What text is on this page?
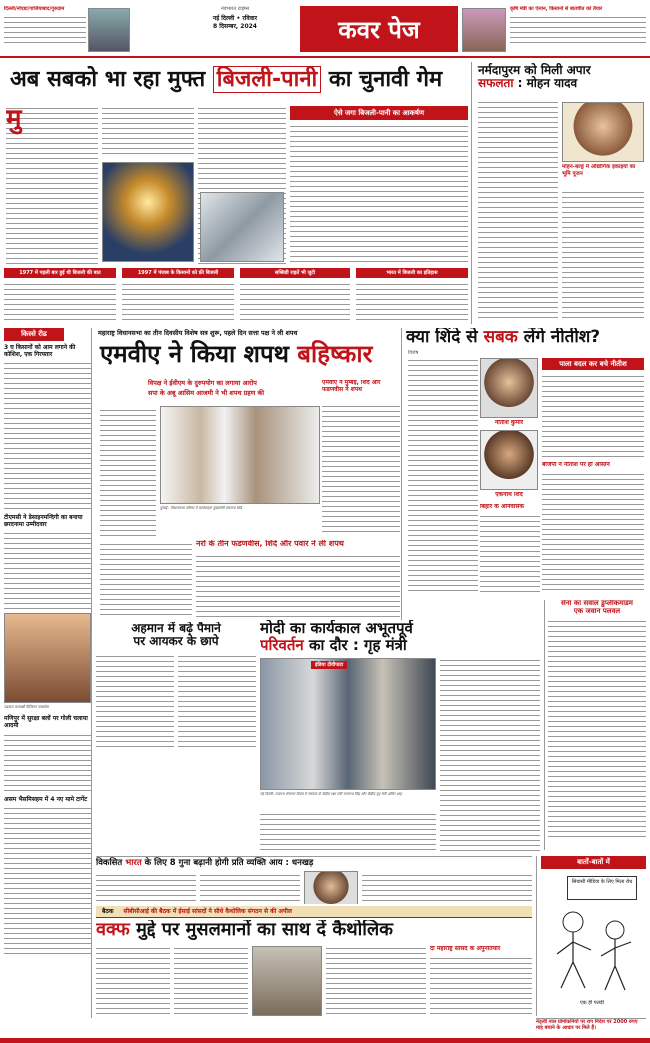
दिल्ली/नोएडा/गाजियाबाद/गुरुग्राम	नवभारत टाइम्स
नई दिल्ली • रविवार
8 दिसम्बर, 2024	कवर पेज
कृषि मंत्री का ऐलान, किसानों से बातचीत को तैयार
अब सबको भा रहा मुफ्त बिजली-पानी का चुनावी गेम
मु	ऐसे जगा बिजली-पानी का आकर्षण
1977 में पहली बार हुई थी बिजली की बात	1997 में पंजाब के किसानों को फ्री बिजली	सब्सिडी राहतें भी जुटी	भारत में बिजली का इतिहास
नर्मदापुरम को मिली अपार
सफलता : मोहन यादव
मोहन-बल्ड्र में औद्योगिक इकाइयों का भूमि पूजन
किस्से रीढ
3 घ किसानों को आम लगाने की कोशिश, एक गिरफ्तार
टीएमसी ने डेसाइनमन्दिगी का बनाया छरदनामा उम्मीदवार
गढ़वाल कामाक्षी डिजिटल एक्सप्रेस
मणिपुर में सुरक्षा बलों पर गोली चलाया आदमी
असम भैसमिसहम में 4 नए मामे टार्गेट
महाराष्ट्र विधानसभा का तीन दिवसीय विशेष सत्र शुरू, पहले दिन सत्ता पक्ष ने ली शपथ
एमवीए ने किया शपथ बहिष्कार
विपक्ष ने ईवीएम के दुरुपयोग का लगाया आरोप
सपा के अबू आसिम आजमी ने भी शपथ ग्रहण की
मुम्बई : विधानसभा परिसर में कार्यवाहक मुख्यमंत्री एकनाथ शिंदे
एमवीए ने मुम्बई, शिंदे और फडणवीस ने शपथ
नरो के तीन फडणवीस, शिंदे और पवार ने ली शपथ
अहमान में बढ़े पैमाने
पर आयकर के छापे
क्या शिंदे से सबक लेंगे नीतीश?
विशेष
नीतीश कुमार
एकनाथ शिंदे
पाला बदल कर बचे नीतीश
बिहार के अनिवासक
बीजेपी ने नीतीश पर ही आसान
मोदी का कार्यकाल अभूतपूर्व
परिवर्तन का दौर : गृह मंत्री
इंडिया टीवीपाटा
नई दिल्ली: राजपथ रोजगार दिवस में सरकार के केंद्रीय रक्षा मंत्री राजनाथ सिंह और केंद्रीय गृह मंत्री अमित शाह
सेना का सवाल डुप्लीकमाडम
एक जवान पलवल
विकसित भारत के लिए 8 गुना बढ़ानी होगी प्रति व्यक्ति आय : धनखड़	बातों-बातों में
सियासी मीडिया के लिए मिला रोध
एक ही पलड़ी
बैठक सीबीसीआई की बैठक में ईसाई सांसदों ने सीधे कैथोलिक संगठन से की अपील
वक्फ मुद्दे पर मुसलमानों का साथ दें कैथोलिक
दो महाराष्ट्र सांसद के अपुनतियार
नेतृत्वी नाल प्रोमोकनियों पर राग निर्देश पर 2000 रुपए माह बचाने के आधार पर मिले हैं।
